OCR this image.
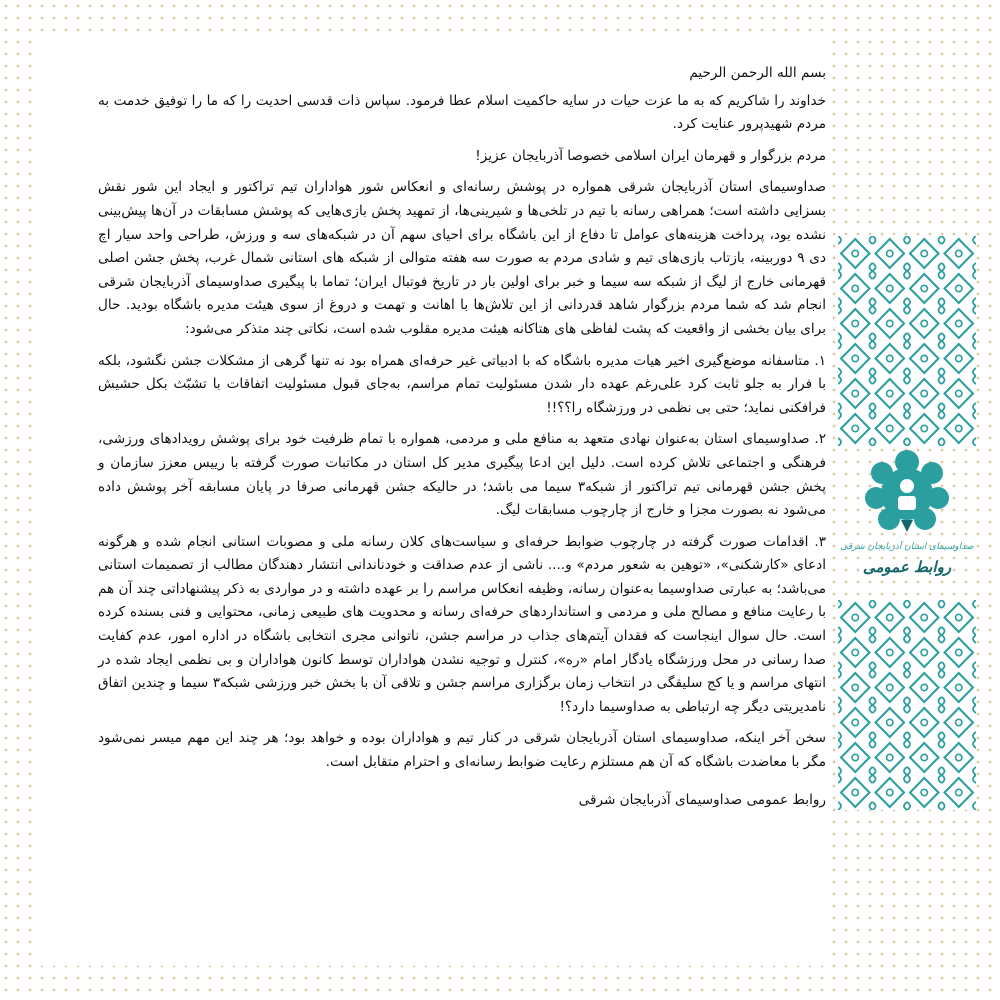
بسم الله الرحمن الرحیم

خداوند را شاکریم که به ما عزت حیات در سایه حاکمیت اسلام عطا فرمود. سپاس ذات قدسی احدیت را که ما را توفیق خدمت به مردم شهیدپرور عنایت کرد.

مردم بزرگوار و قهرمان ایران اسلامی خصوصا آذربایجان عزیز!

صداوسیمای استان آذربایجان شرقی همواره در پوشش رسانه‌ای و انعکاس شور هواداران تیم تراکتور و ایجاد این شور نقش بسزایی داشته است؛ همراهی رسانه با تیم در تلخی‌ها و شیرینی‌ها، از تمهید پخش بازی‌هایی که پوشش مسابقات در آن‌ها پیش‌بینی نشده بود، پرداخت هزینه‌های عوامل تا دفاع از این باشگاه برای احیای سهم آن در شبکه‌های سه و ورزش، طراحی واحد سیار اچ دی ۹ دوربینه، بازتاب بازی‌های تیم و شادی مردم به صورت سه هفته متوالی از شبکه های استانی شمال غرب، پخش جشن اصلی قهرمانی خارج از لیگ از شبکه سه سیما و خبر برای اولین بار در تاریخ فوتبال ایران؛ تماما با پیگیری صداوسیمای آذربایجان شرقی انجام شد که شما مردم بزرگوار شاهد قدردانی از این تلاش‌ها با اهانت و تهمت و دروغ از سوی هیئت مدیره باشگاه بودید. حال برای بیان بخشی از واقعیت که پشت لفاظی های هتاکانه هیئت مدیره مقلوب شده است، نکاتی چند متذکر می‌شود:

۱. متاسفانه موضع‌گیری اخیر هیات مدیره باشگاه که با ادبیاتی غیر حرفه‌ای همراه بود نه تنها گرهی از مشکلات جشن نگشود، بلکه با فرار به جلو ثابت کرد علی‌رغم عهده دار شدن مسئولیت تمام مراسم، به‌جای قبول مسئولیت اتفاقات با تشبّث بکل حشیش فرافکنی نماید؛ حتی بی نظمی در ورزشگاه را؟؟!!

۲. صداوسیمای استان به‌عنوان نهادی متعهد به منافع ملی و مردمی، همواره با تمام ظرفیت خود برای پوشش رویدادهای ورزشی، فرهنگی و اجتماعی تلاش کرده است. دلیل این ادعا پیگیری مدیر کل استان در مکاتبات صورت گرفته با رییس معزز سازمان و پخش جشن قهرمانی تیم تراکتور از شبکه۳ سیما می باشد؛ در حالیکه جشن قهرمانی صرفا در پایان مسابقه آخر پوشش داده می‌شود نه بصورت مجزا و خارج از چارچوب مسابقات لیگ.

۳. اقدامات صورت گرفته در چارچوب ضوابط حرفه‌ای و سیاست‌های کلان رسانه ملی و مصوبات استانی انجام شده و هرگونه ادعای «کارشکنی»، «توهین به شعور مردم» و.... ناشی از عدم صداقت و خودناندانی انتشار دهندگان مطالب از تصمیمات استانی می‌باشد؛ به عبارتی صداوسیما به‌عنوان رسانه، وظیفه انعکاس مراسم را بر عهده داشته و در مواردی به ذکر پیشنهاداتی چند آن هم با رعایت منافع و مصالح ملی و مردمی و استانداردهای حرفه‌ای رسانه و محدویت های طبیعی زمانی، محتوایی و فنی بسنده کرده است. حال سوال اینجاست که فقدان آیتم‌های جذاب در مراسم جشن، ناتوانی مجری انتخابی باشگاه در اداره امور، عدم کفایت صدا رسانی در محل ورزشگاه یادگار امام «ره»، کنترل و توجیه نشدن هواداران توسط کانون هواداران و بی نظمی ایجاد شده در انتهای مراسم و یا کج سلیقگی در انتخاب زمان برگزاری مراسم جشن و تلاقی آن با بخش خبر ورزشی شبکه۳ سیما و چندین اتفاق نامدیریتی دیگر چه ارتباطی به صداوسیما دارد؟!

سخن آخر اینکه، صداوسیمای استان آذربایجان شرقی در کنار تیم و هواداران بوده و خواهد بود؛ هر چند این مهم میسر نمی‌شود مگر با معاضدت باشگاه که آن هم مستلزم رعایت ضوابط رسانه‌ای و احترام متقابل است.

روابط عمومی صداوسیمای آذربایجان شرقی

صداوسیمای استان آذربایجان شرقی
روابط عمومی
